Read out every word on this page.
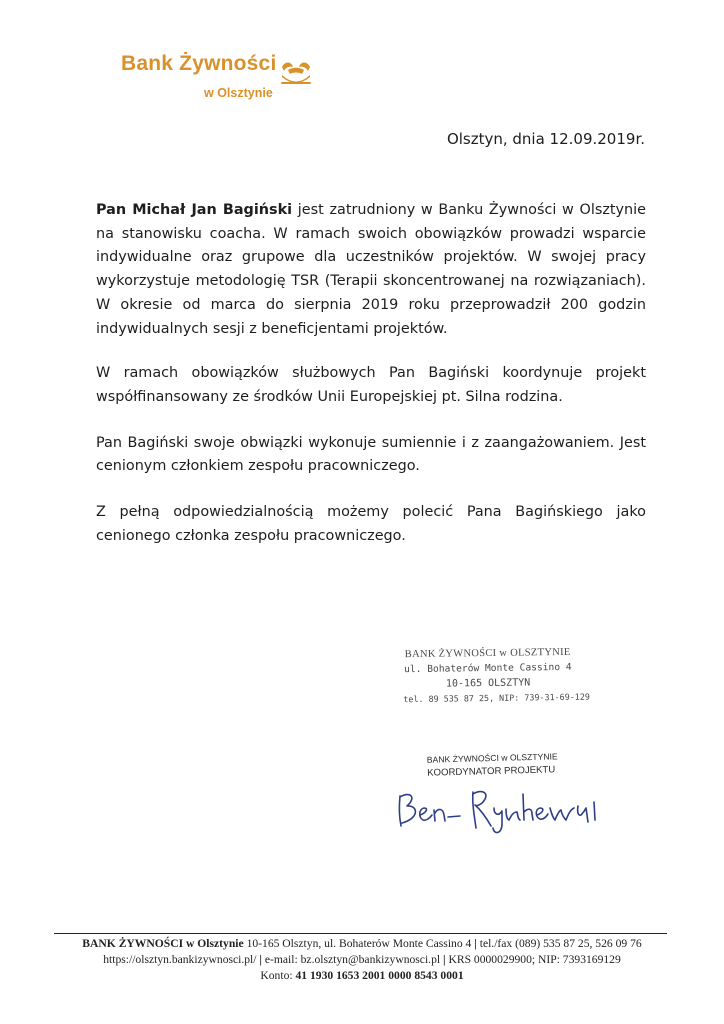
Bank Żywności
w Olsztynie
Olsztyn, dnia 12.09.2019r.

Pan Michał Jan Bagiński jest zatrudniony w Banku Żywności w Olsztynie na stanowisku coacha. W ramach swoich obowiązków prowadzi wsparcie indywidualne oraz grupowe dla uczestników projektów. W swojej pracy wykorzystuje metodologię TSR (Terapii skoncentrowanej na rozwiązaniach). W okresie od marca do sierpnia 2019 roku przeprowadził 200 godzin indywidualnych sesji z beneficjentami projektów.

W ramach obowiązków służbowych Pan Bagiński koordynuje projekt współfinansowany ze środków Unii Europejskiej pt. Silna rodzina.

Pan Bagiński swoje obwiązki wykonuje sumiennie i z zaangażowaniem. Jest cenionym członkiem zespołu pracowniczego.

Z pełną odpowiedzialnością możemy polecić Pana Bagińskiego jako cenionego członka zespołu pracowniczego.

BANK ŻYWNOŚCI w OLSZTYNIE
ul. Bohaterów Monte Cassino 4
10-165 OLSZTYN
tel. 89 535 87 25, NIP: 739-31-69-129
BANK ŻYWNOŚCI w OLSZTYNIE
KOORDYNATOR PROJEKTU
BANK ŻYWNOŚCI w Olsztynie 10-165 Olsztyn, ul. Bohaterów Monte Cassino 4 | tel./fax (089) 535 87 25, 526 09 76
https://olsztyn.bankizywnosci.pl/ | e-mail: bz.olsztyn@bankizywnosci.pl | KRS 0000029900; NIP: 7393169129
Konto: 41 1930 1653 2001 0000 8543 0001
